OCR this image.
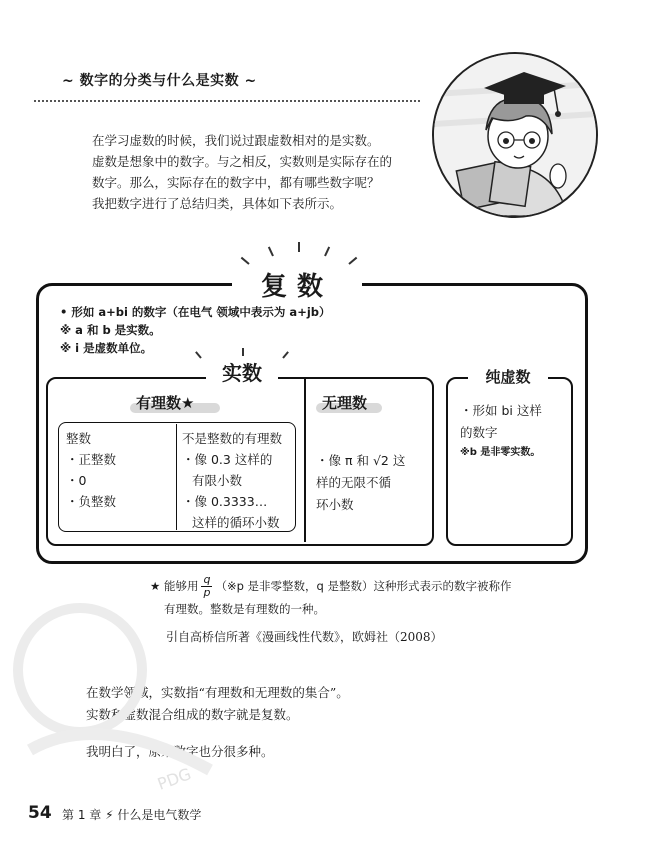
~ 数字的分类与什么是实数 ~
在学习虚数的时候，我们说过跟虚数相对的是实数。
虚数是想象中的数字。与之相反，实数则是实际存在的
数字。那么，实际存在的数字中，都有哪些数字呢？
我把数字进行了总结归类，具体如下表所示。
复数
• 形如 a+bi 的数字（在电气 领域中表示为 a+jb）
※ a 和 b 是实数。
※ i 是虚数单位。
实数
有理数★	无理数
整数
・正整数
・0
・负整数
不是整数的有理数
・像 0.3 这样的
有限小数
・像 0.3333…
这样的循环小数
・像 π 和 √2 这
样的无限不循
环小数
纯虚数
・形如 bi 这样
的数字
※b 是非零实数。
★ 能够用 $\frac{q}{p}$ （※p 是非零整数，q 是整数）这种形式表示的数字被称作
有理数。整数是有理数的一种。
引自高桥信所著《漫画线性代数》，欧姆社（2008）
在数学领域，实数指“有理数和无理数的集合”。
实数和虚数混合组成的数字就是复数。
我明白了，原来数字也分很多种。
PDG
54 第 1 章 ⚡ 什么是电气数学
